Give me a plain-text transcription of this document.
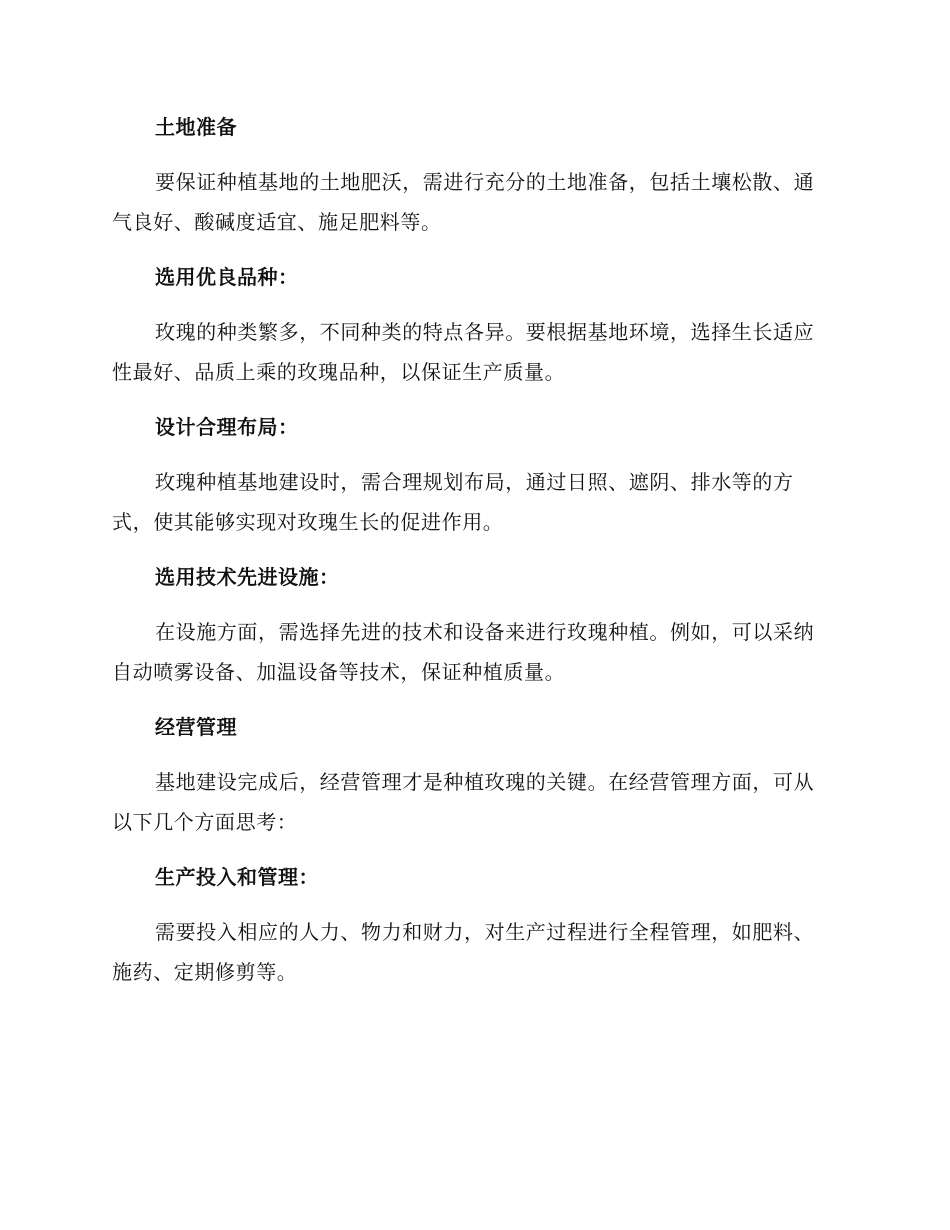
土地准备
要保证种植基地的土地肥沃，需进行充分的土地准备，包括土壤松散、通气良好、酸碱度适宜、施足肥料等。
选用优良品种：
玫瑰的种类繁多，不同种类的特点各异。要根据基地环境，选择生长适应性最好、品质上乘的玫瑰品种，以保证生产质量。
设计合理布局：
玫瑰种植基地建设时，需合理规划布局，通过日照、遮阴、排水等的方式，使其能够实现对玫瑰生长的促进作用。
选用技术先进设施：
在设施方面，需选择先进的技术和设备来进行玫瑰种植。例如，可以采纳自动喷雾设备、加温设备等技术，保证种植质量。
经营管理
基地建设完成后，经营管理才是种植玫瑰的关键。在经营管理方面，可从以下几个方面思考：
生产投入和管理：
需要投入相应的人力、物力和财力，对生产过程进行全程管理，如肥料、施药、定期修剪等。
